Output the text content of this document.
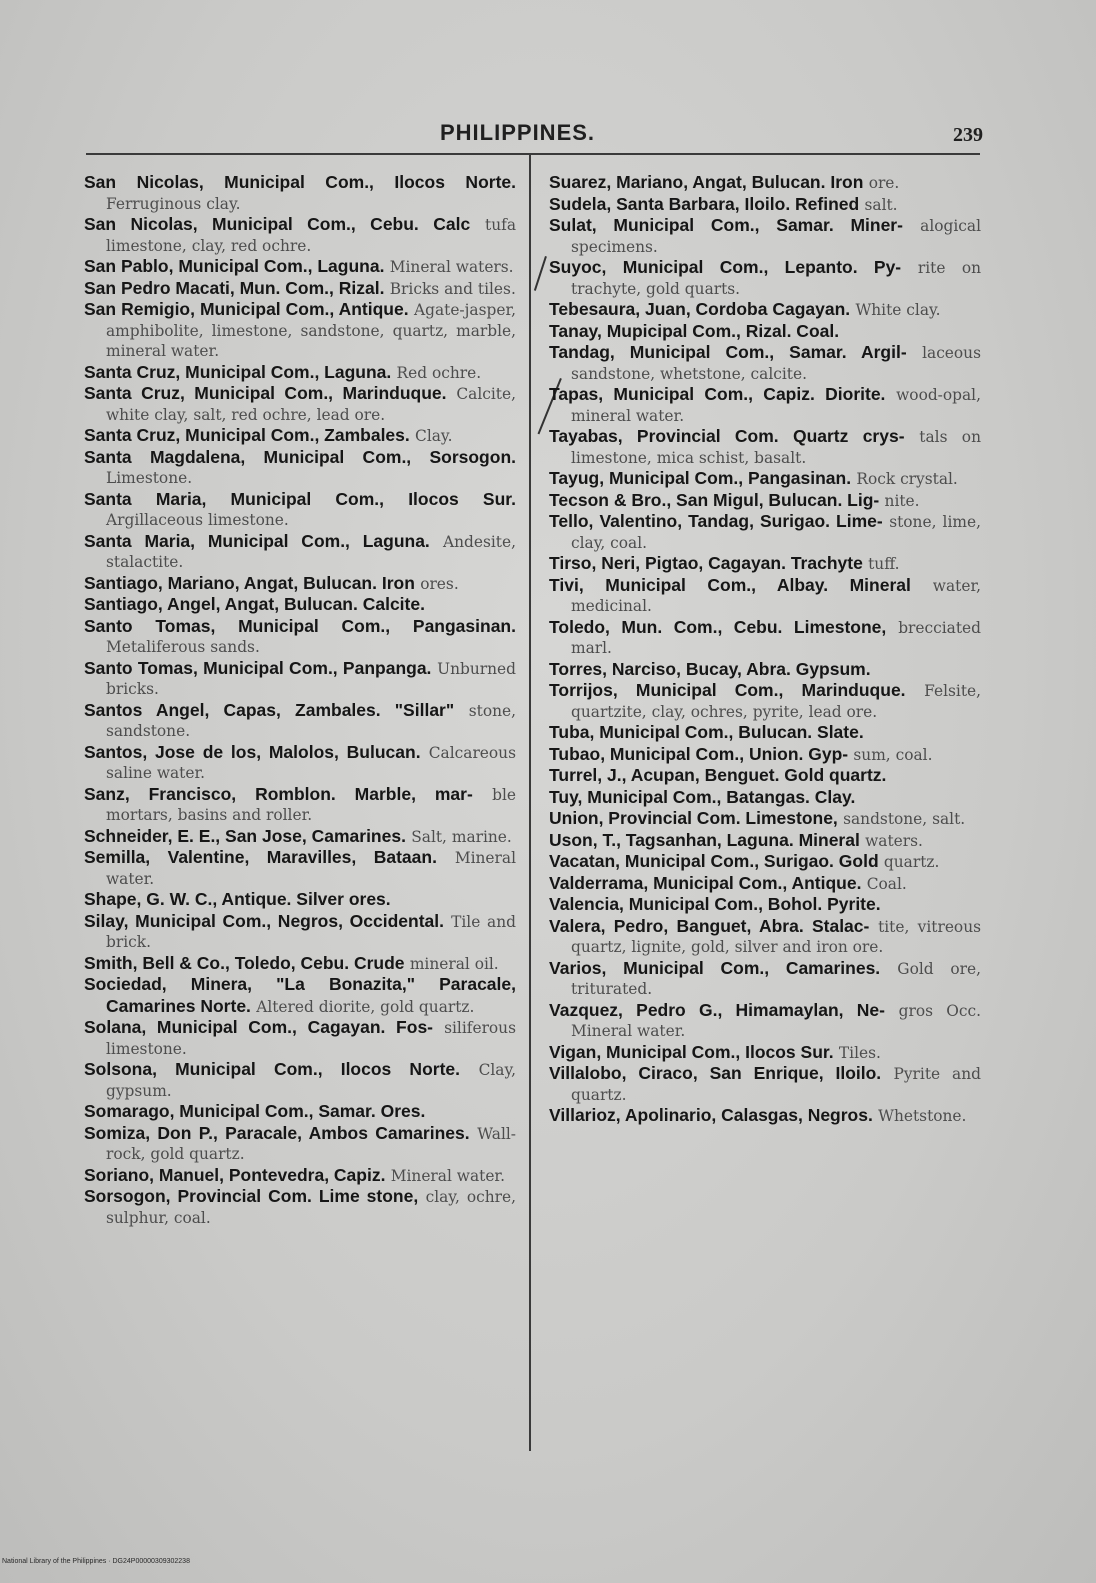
PHILIPPINES.	239

San Nicolas, Municipal Com., Ilocos Norte. Ferruginous clay.

San Nicolas, Municipal Com., Cebu. Calc tufa limestone, clay, red ochre.

San Pablo, Municipal Com., Laguna. Mineral waters.

San Pedro Macati, Mun. Com., Rizal. Bricks and tiles.

San Remigio, Municipal Com., Antique. Agate-jasper, amphibolite, limestone, sandstone, quartz, marble, mineral water.

Santa Cruz, Municipal Com., Laguna. Red ochre.

Santa Cruz, Municipal Com., Marinduque. Calcite, white clay, salt, red ochre, lead ore.

Santa Cruz, Municipal Com., Zambales. Clay.

Santa Magdalena, Municipal Com., Sorsogon. Limestone.

Santa Maria, Municipal Com., Ilocos Sur. Argillaceous limestone.

Santa Maria, Municipal Com., Laguna. Andesite, stalactite.

Santiago, Mariano, Angat, Bulucan. Iron ores.

Santiago, Angel, Angat, Bulucan. Calcite.

Santo Tomas, Municipal Com., Pangasinan. Metaliferous sands.

Santo Tomas, Municipal Com., Panpanga. Unburned bricks.

Santos Angel, Capas, Zambales. "Sillar" stone, sandstone.

Santos, Jose de los, Malolos, Bulucan. Calcareous saline water.

Sanz, Francisco, Romblon. Marble, mar- ble mortars, basins and roller.

Schneider, E. E., San Jose, Camarines. Salt, marine.

Semilla, Valentine, Maravilles, Bataan. Mineral water.

Shape, G. W. C., Antique. Silver ores.

Silay, Municipal Com., Negros, Occidental. Tile and brick.

Smith, Bell & Co., Toledo, Cebu. Crude mineral oil.

Sociedad, Minera, "La Bonazita," Paracale, Camarines Norte. Altered diorite, gold quartz.

Solana, Municipal Com., Cagayan. Fos- siliferous limestone.

Solsona, Municipal Com., Ilocos Norte. Clay, gypsum.

Somarago, Municipal Com., Samar. Ores.

Somiza, Don P., Paracale, Ambos Camarines. Wall-rock, gold quartz.

Soriano, Manuel, Pontevedra, Capiz. Mineral water.

Sorsogon, Provincial Com. Lime stone, clay, ochre, sulphur, coal.

Suarez, Mariano, Angat, Bulucan. Iron ore.

Sudela, Santa Barbara, Iloilo. Refined salt.

Sulat, Municipal Com., Samar. Miner- alogical specimens.

Suyoc, Municipal Com., Lepanto. Py- rite on trachyte, gold quarts.

Tebesaura, Juan, Cordoba Cagayan. White clay.

Tanay, Mupicipal Com., Rizal. Coal.

Tandag, Municipal Com., Samar. Argil- laceous sandstone, whetstone, calcite.

Tapas, Municipal Com., Capiz. Diorite. wood-opal, mineral water.

Tayabas, Provincial Com. Quartz crys- tals on limestone, mica schist, basalt.

Tayug, Municipal Com., Pangasinan. Rock crystal.

Tecson & Bro., San Migul, Bulucan. Lig- nite.

Tello, Valentino, Tandag, Surigao. Lime- stone, lime, clay, coal.

Tirso, Neri, Pigtao, Cagayan. Trachyte tuff.

Tivi, Municipal Com., Albay. Mineral water, medicinal.

Toledo, Mun. Com., Cebu. Limestone, brecciated marl.

Torres, Narciso, Bucay, Abra. Gypsum.

Torrijos, Municipal Com., Marinduque. Felsite, quartzite, clay, ochres, pyrite, lead ore.

Tuba, Municipal Com., Bulucan. Slate.

Tubao, Municipal Com., Union. Gyp- sum, coal.

Turrel, J., Acupan, Benguet. Gold quartz.

Tuy, Municipal Com., Batangas. Clay.

Union, Provincial Com. Limestone, sandstone, salt.

Uson, T., Tagsanhan, Laguna. Mineral waters.

Vacatan, Municipal Com., Surigao. Gold quartz.

Valderrama, Municipal Com., Antique. Coal.

Valencia, Municipal Com., Bohol. Pyrite.

Valera, Pedro, Banguet, Abra. Stalac- tite, vitreous quartz, lignite, gold, silver and iron ore.

Varios, Municipal Com., Camarines. Gold ore, triturated.

Vazquez, Pedro G., Himamaylan, Ne- gros Occ. Mineral water.

Vigan, Municipal Com., Ilocos Sur. Tiles.

Villalobo, Ciraco, San Enrique, Iloilo. Pyrite and quartz.

Villarioz, Apolinario, Calasgas, Negros. Whetstone.

National Library of the Philippines · DG24P00000309302238
